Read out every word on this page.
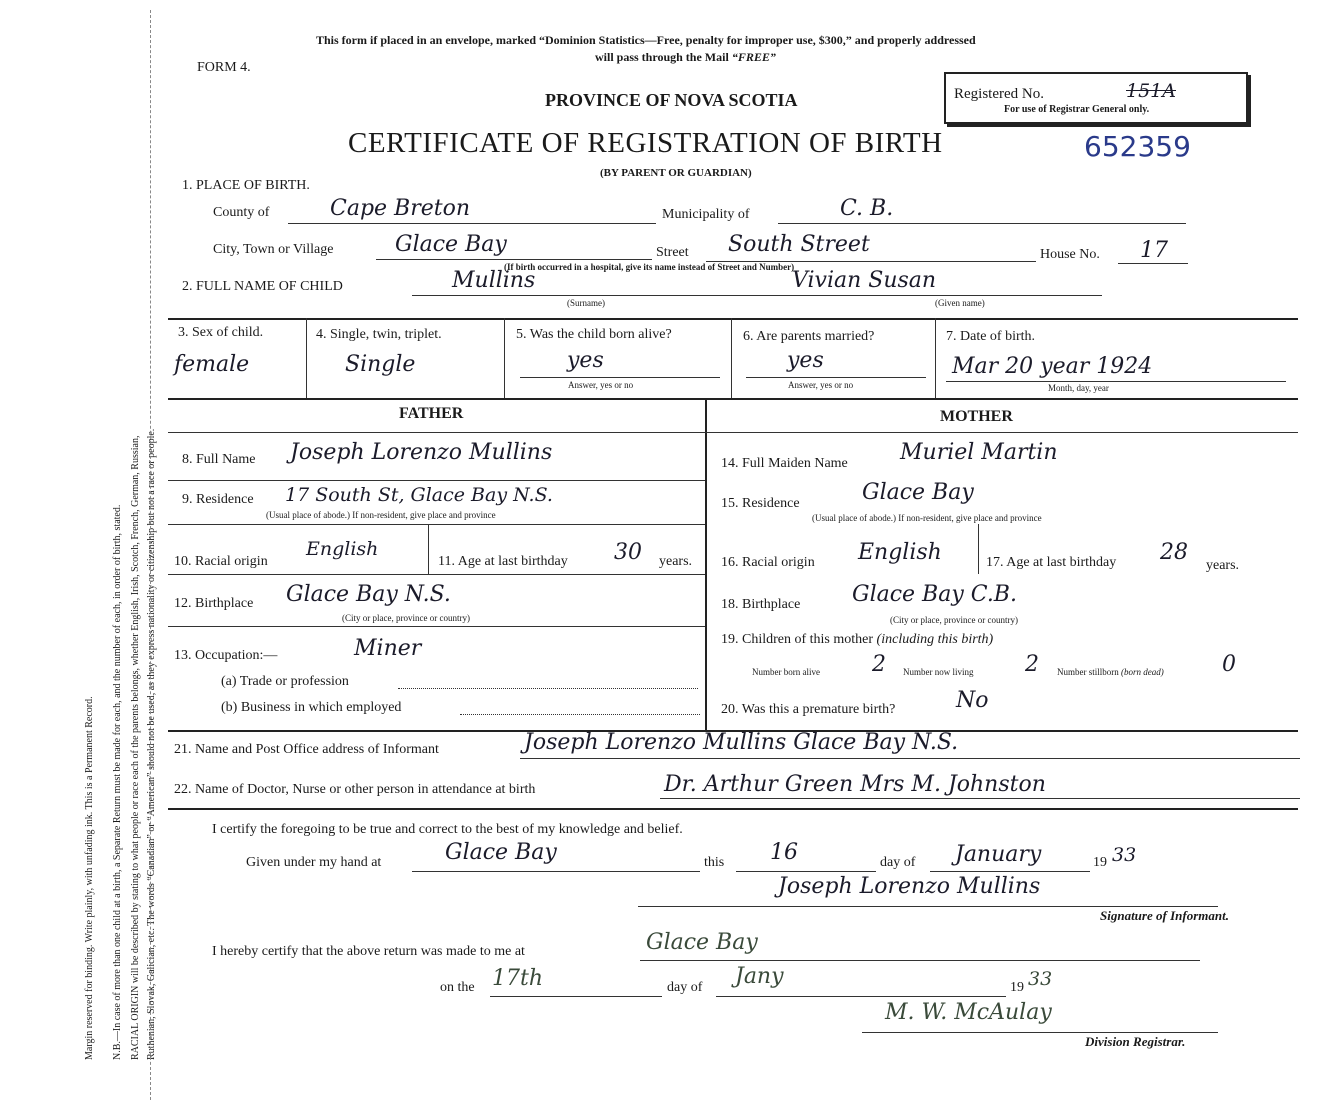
Margin reserved for binding. Write plainly, with unfading ink. This is a Permanent Record. N.B.—In case of more than one child at a birth, a Separate Return must be made for each, and the number of each, in order of birth, stated. RACIAL ORIGIN will be described by stating to what people or race each of the parents belongs, whether English, Irish, Scotch, French, German, Russian, Ruthenian, Slovak, Galician, etc. The words “Canadian” or “American” should not be used, as they express nationality or citizenship but not a race or people.
This form if placed in an envelope, marked “Dominion Statistics—Free, penalty for improper use, $300,” and properly addressed
will pass through the Mail “FREE”
FORM 4.
PROVINCE OF NOVA SCOTIA	Registered No.	151A
For use of Registrar General only.
CERTIFICATE OF REGISTRATION OF BIRTH	652359
(BY PARENT OR GUARDIAN)
1. PLACE OF BIRTH.
County of	Cape Breton	Municipality of	C. B.
City, Town or Village	Glace Bay	Street South Street	House No. 17
(If birth occurred in a hospital, give its name instead of Street and Number)
2. FULL NAME OF CHILD	Mullins
(Surname)
Vivian Susan
(Given name)
3. Sex of child.
female
4. Single, twin, triplet.
Single
5. Was the child born alive?
yes
Answer, yes or no
6. Are parents married?
yes
Answer, yes or no
7. Date of birth.
Mar 20 year 1924
Month, day, year
FATHER	MOTHER
8. Full Name Joseph Lorenzo Mullins
9. Residence 17 South St, Glace Bay N.S.
(Usual place of abode.) If non-resident, give place and province
10. Racial origin
English
11. Age at last birthday 30 years.
12. Birthplace Glace Bay N.S.
(City or place, province or country)
13. Occupation:—	Miner
(a) Trade or profession
(b) Business in which employed
14. Full Maiden Name Muriel Martin
15. Residence	Glace Bay
(Usual place of abode.) If non-resident, give place and province
16. Racial origin English	17. Age at last birthday 28
years.
18. Birthplace Glace Bay C.B.
(City or place, province or country)
19. Children of this mother (including this birth)
Number born alive 2 Number now living 2 Number stillborn (born dead)	0
20. Was this a premature birth?	No
21. Name and Post Office address of Informant	Joseph Lorenzo Mullins Glace Bay N.S.
22. Name of Doctor, Nurse or other person in attendance at birth	Dr. Arthur Green Mrs M. Johnston
I certify the foregoing to be true and correct to the best of my knowledge and belief.
Given under my hand at	Glace Bay	this 16	day of January	19 33
Joseph Lorenzo Mullins
Signature of Informant.
I hereby certify that the above return was made to me at	Glace Bay
on the 17th	day of Jany	19 33
M. W. McAulay
Division Registrar.
